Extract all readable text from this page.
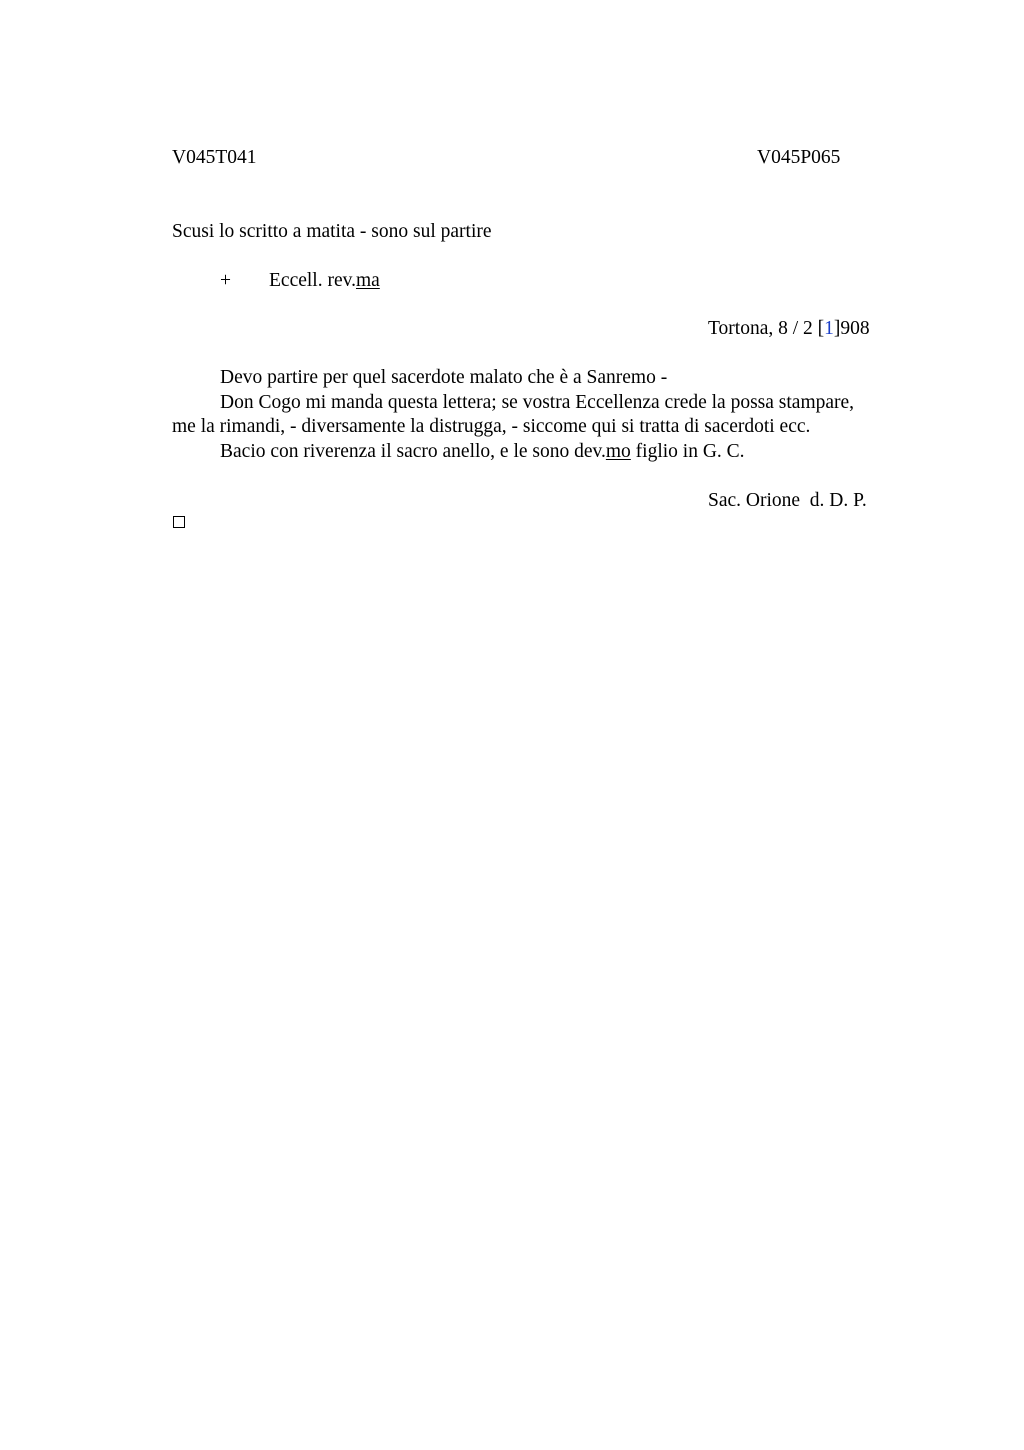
V045T041	V045P065
Scusi lo scritto a matita - sono sul partire
+ Eccell. rev.ma
Tortona, 8 / 2 [1]908
Devo partire per quel sacerdote malato che è a Sanremo -
Don Cogo mi manda questa lettera; se vostra Eccellenza crede la possa stampare,
me la rimandi, - diversamente la distrugga, - siccome qui si tratta di sacerdoti ecc.
Bacio con riverenza il sacro anello, e le sono dev.mo figlio in G. C.
Sac. Orione  d. D. P.
